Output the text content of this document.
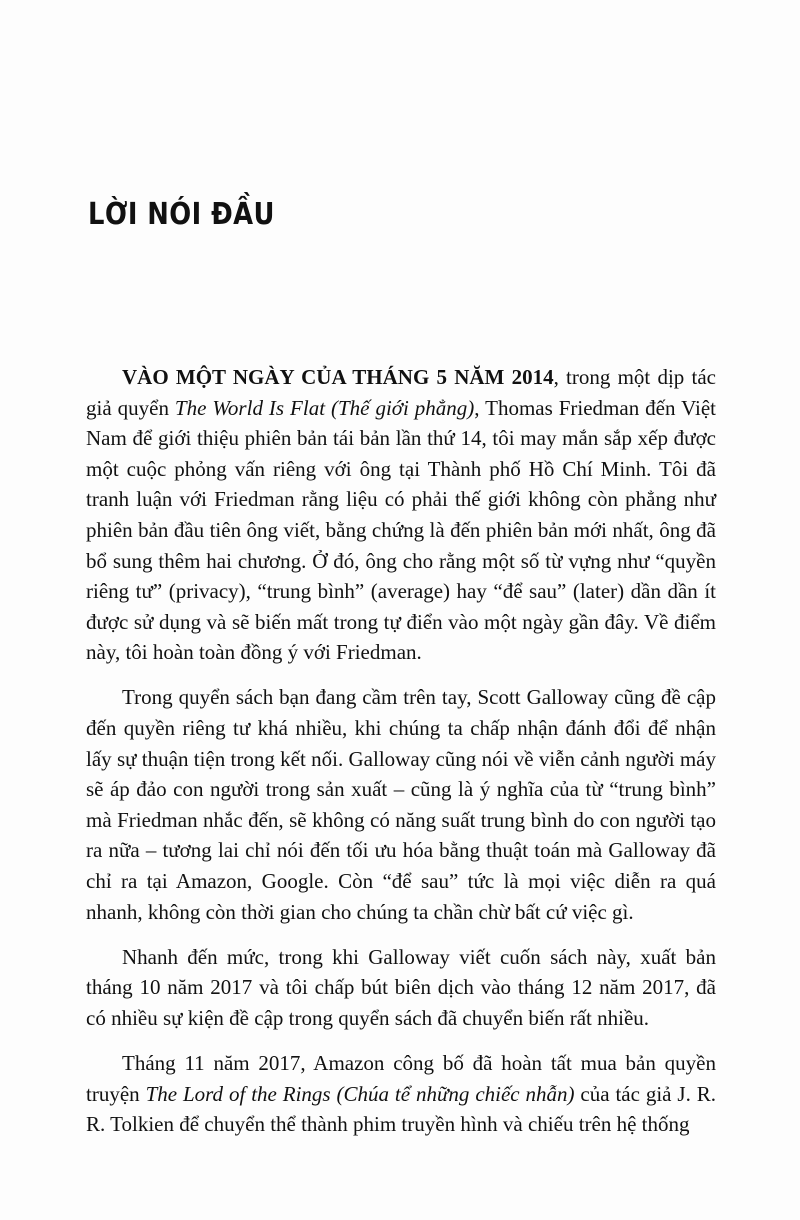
LỜI NÓI ĐẦU

VÀO MỘT NGÀY CỦA THÁNG 5 NĂM 2014, trong một dịp tác giả quyển The World Is Flat (Thế giới phẳng), Thomas Friedman đến Việt Nam để giới thiệu phiên bản tái bản lần thứ 14, tôi may mắn sắp xếp được một cuộc phỏng vấn riêng với ông tại Thành phố Hồ Chí Minh. Tôi đã tranh luận với Friedman rằng liệu có phải thế giới không còn phẳng như phiên bản đầu tiên ông viết, bằng chứng là đến phiên bản mới nhất, ông đã bổ sung thêm hai chương. Ở đó, ông cho rằng một số từ vựng như “quyền riêng tư” (privacy), “trung bình” (average) hay “để sau” (later) dần dần ít được sử dụng và sẽ biến mất trong tự điển vào một ngày gần đây. Về điểm này, tôi hoàn toàn đồng ý với Friedman.

Trong quyển sách bạn đang cầm trên tay, Scott Galloway cũng đề cập đến quyền riêng tư khá nhiều, khi chúng ta chấp nhận đánh đổi để nhận lấy sự thuận tiện trong kết nối. Galloway cũng nói về viễn cảnh người máy sẽ áp đảo con người trong sản xuất – cũng là ý nghĩa của từ “trung bình” mà Friedman nhắc đến, sẽ không có năng suất trung bình do con người tạo ra nữa – tương lai chỉ nói đến tối ưu hóa bằng thuật toán mà Galloway đã chỉ ra tại Amazon, Google. Còn “để sau” tức là mọi việc diễn ra quá nhanh, không còn thời gian cho chúng ta chần chừ bất cứ việc gì.

Nhanh đến mức, trong khi Galloway viết cuốn sách này, xuất bản tháng 10 năm 2017 và tôi chấp bút biên dịch vào tháng 12 năm 2017, đã có nhiều sự kiện đề cập trong quyển sách đã chuyển biến rất nhiều.

Tháng 11 năm 2017, Amazon công bố đã hoàn tất mua bản quyền truyện The Lord of the Rings (Chúa tể những chiếc nhẫn) của tác giả J. R. R. Tolkien để chuyển thể thành phim truyền hình và chiếu trên hệ thống
